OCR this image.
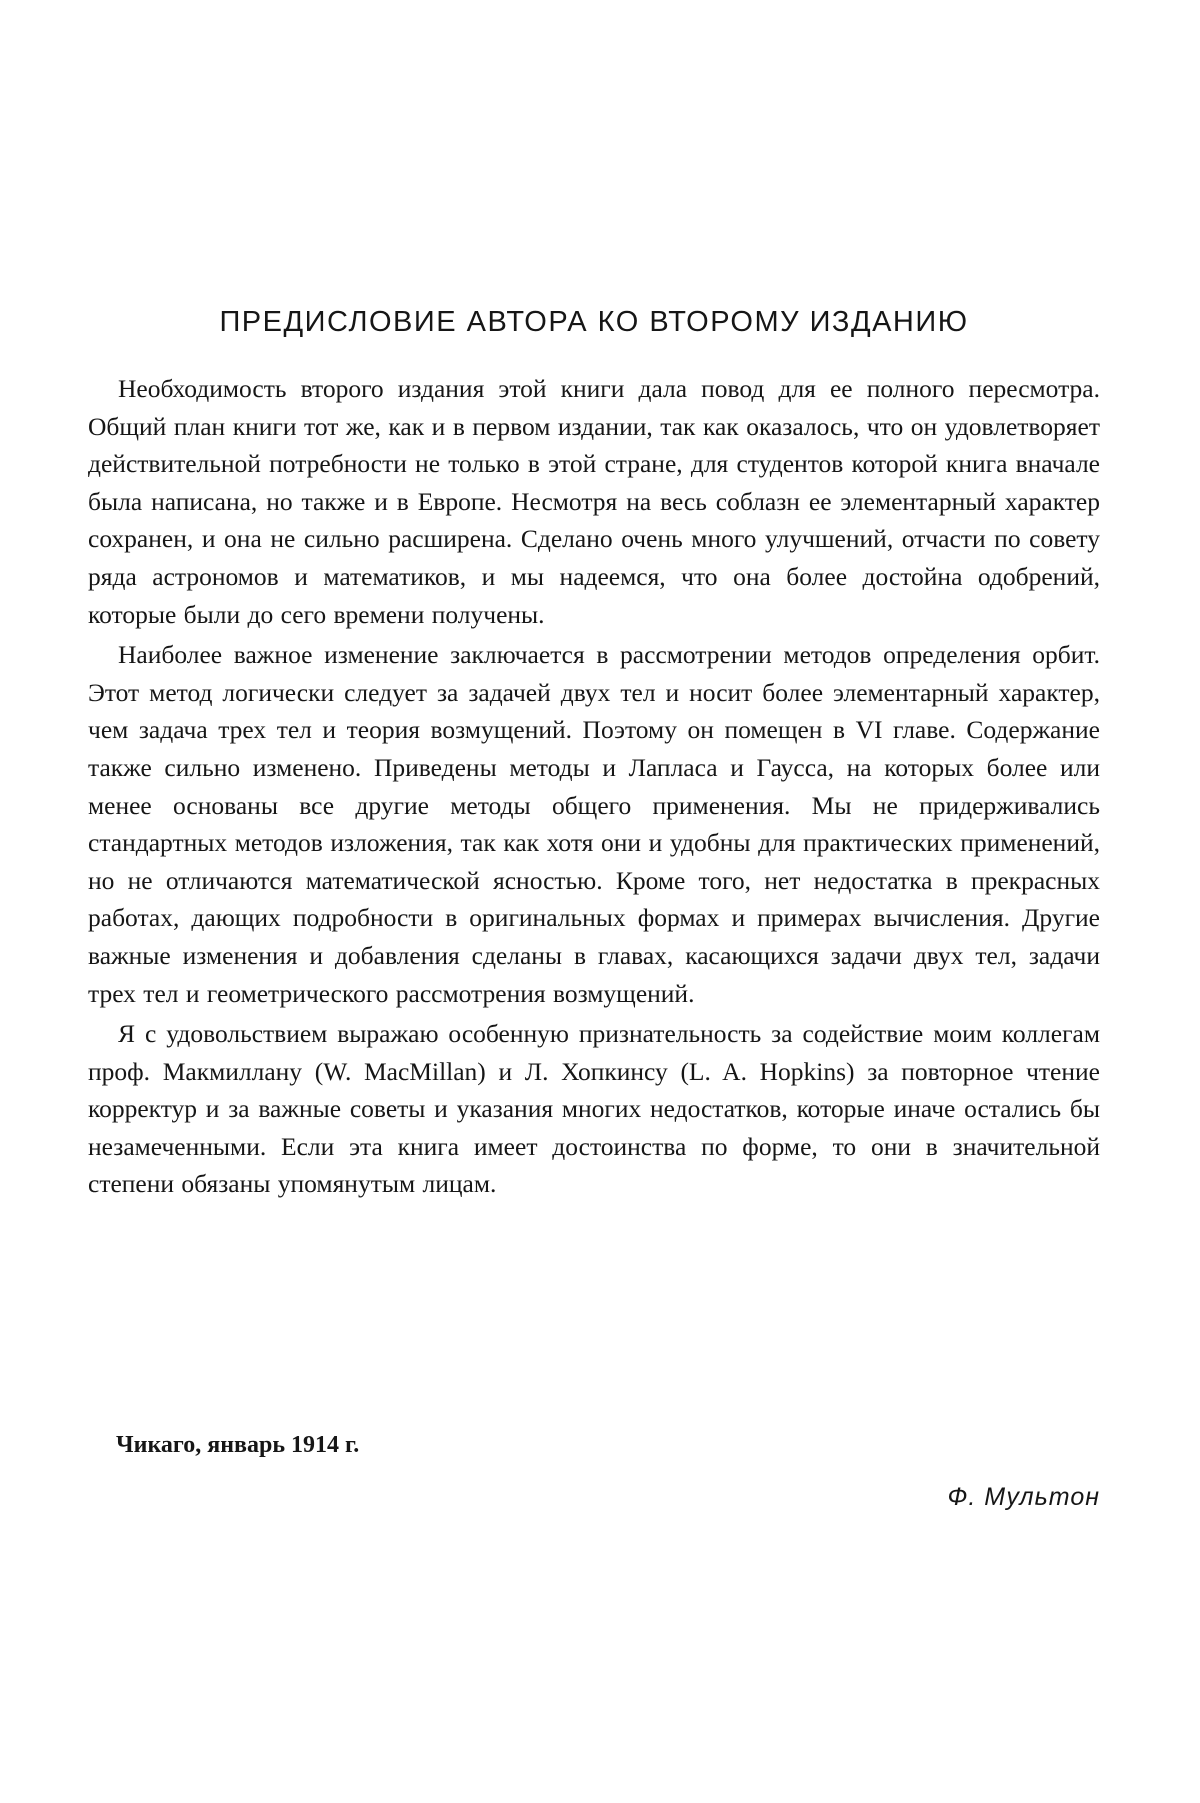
ПРЕДИСЛОВИЕ АВТОРА КО ВТОРОМУ ИЗДАНИЮ

Необходимость второго издания этой книги дала повод для ее полного пересмотра. Общий план книги тот же, как и в первом издании, так как оказалось, что он удовлетворяет действительной потребности не только в этой стране, для студентов которой книга вначале была написана, но также и в Европе. Несмотря на весь соблазн ее элементарный характер сохранен, и она не сильно расширена. Сделано очень много улучшений, отчасти по совету ряда астрономов и математиков, и мы надеемся, что она более достойна одобрений, которые были до сего времени получены.

Наиболее важное изменение заключается в рассмотрении методов определения орбит. Этот метод логически следует за задачей двух тел и носит более элементарный характер, чем задача трех тел и теория возмущений. Поэтому он помещен в VI главе. Содержание также сильно изменено. Приведены методы и Лапласа и Гаусса, на которых более или менее основаны все другие методы общего применения. Мы не придерживались стандартных методов изложения, так как хотя они и удобны для практических применений, но не отличаются математической ясностью. Кроме того, нет недостатка в прекрасных работах, дающих подробности в оригинальных формах и примерах вычисления. Другие важные изменения и добавления сделаны в главах, касающихся задачи двух тел, задачи трех тел и геометрического рассмотрения возмущений.

Я с удовольствием выражаю особенную признательность за содействие моим коллегам проф. Макмиллану (W. MacMillan) и Л. Хопкинсу (L. A. Hopkins) за повторное чтение корректур и за важные советы и указания многих недостатков, которые иначе остались бы незамеченными. Если эта книга имеет достоинства по форме, то они в значительной степени обязаны упомянутым лицам.

Чикаго, январь 1914 г.

Ф. Мультон
